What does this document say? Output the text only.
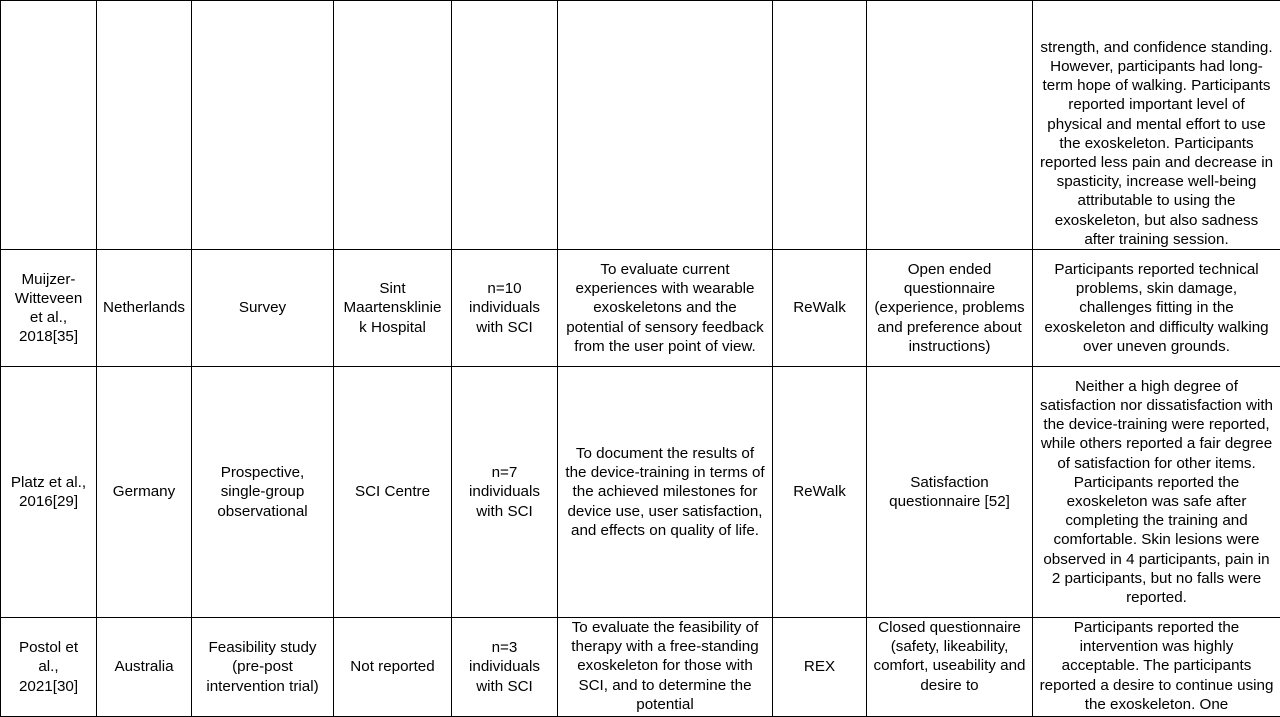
								strength, and confidence standing. However, participants had long-term hope of walking. Participants reported important level of physical and mental effort to use the exoskeleton. Participants reported less pain and decrease in spasticity, increase well-being attributable to using the exoskeleton, but also sadness after training session.

Muijzer-Witteveen et al., 2018[35]	Netherlands	Survey	Sint Maartenskliniek Hospital	n=10 individuals with SCI	To evaluate current experiences with wearable exoskeletons and the potential of sensory feedback from the user point of view.	ReWalk	Open ended questionnaire (experience, problems and preference about instructions)	Participants reported technical problems, skin damage, challenges fitting in the exoskeleton and difficulty walking over uneven grounds.

Platz et al., 2016[29]	Germany	Prospective, single-group observational	SCI Centre	n=7 individuals with SCI	To document the results of the device-training in terms of the achieved milestones for device use, user satisfaction, and effects on quality of life.	ReWalk	Satisfaction questionnaire [52]	Neither a high degree of satisfaction nor dissatisfaction with the device-training were reported, while others reported a fair degree of satisfaction for other items. Participants reported the exoskeleton was safe after completing the training and comfortable. Skin lesions were observed in 4 participants, pain in 2 participants, but no falls were reported.

Postol et al., 2021[30]	Australia	Feasibility study (pre-post intervention trial)	Not reported	n=3 individuals with SCI	To evaluate the feasibility of therapy with a free-standing exoskeleton for those with SCI, and to determine the potential	REX	Closed questionnaire (safety, likeability, comfort, useability and desire to	Participants reported the intervention was highly acceptable. The participants reported a desire to continue using the exoskeleton. One
